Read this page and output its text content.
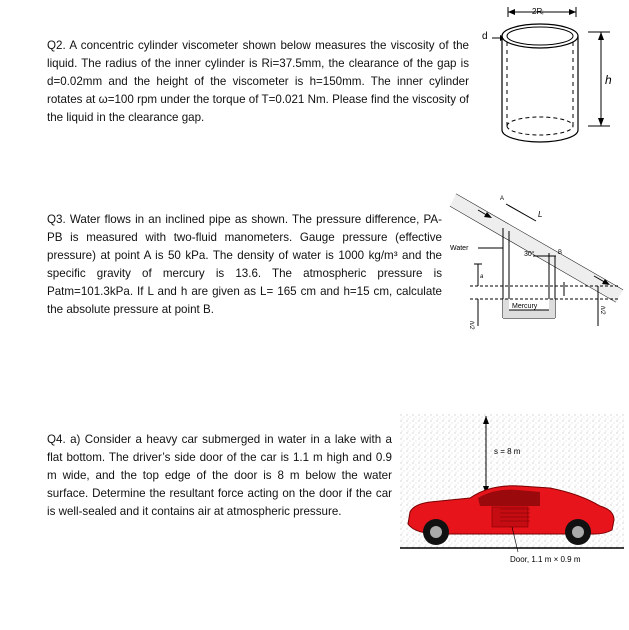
Q2. A concentric cylinder viscometer shown below measures the viscosity of the liquid. The radius of the inner cylinder is Ri=37.5mm, the clearance of the gap is d=0.02mm and the height of the viscometer is h=150mm. The inner cylinder rotates at ω=100 rpm under the torque of T=0.021 Nm. Please find the viscosity of the liquid in the clearance gap.

2Rᵢ
d
h

Q3. Water flows in an inclined pipe as shown. The pressure difference, PA-PB is measured with two-fluid manometers. Gauge pressure (effective pressure) at point A is 50 kPa. The density of water is 1000 kg/m³ and the specific gravity of mercury is 13.6. The atmospheric pressure is Patm=101.3kPa. If L and h are given as L= 165 cm and h=15 cm, calculate the absolute pressure at point B.

L
A
B
30°
Water
Mercury
a
h/2
h/2

Q4. a) Consider a heavy car submerged in water in a lake with a flat bottom. The driver’s side door of the car is 1.1 m high and 0.9 m wide, and the top edge of the door is 8 m below the water surface. Determine the resultant force acting on the door if the car is well-sealed and it contains air at atmospheric pressure.

s = 8 m
Door, 1.1 m × 0.9 m
